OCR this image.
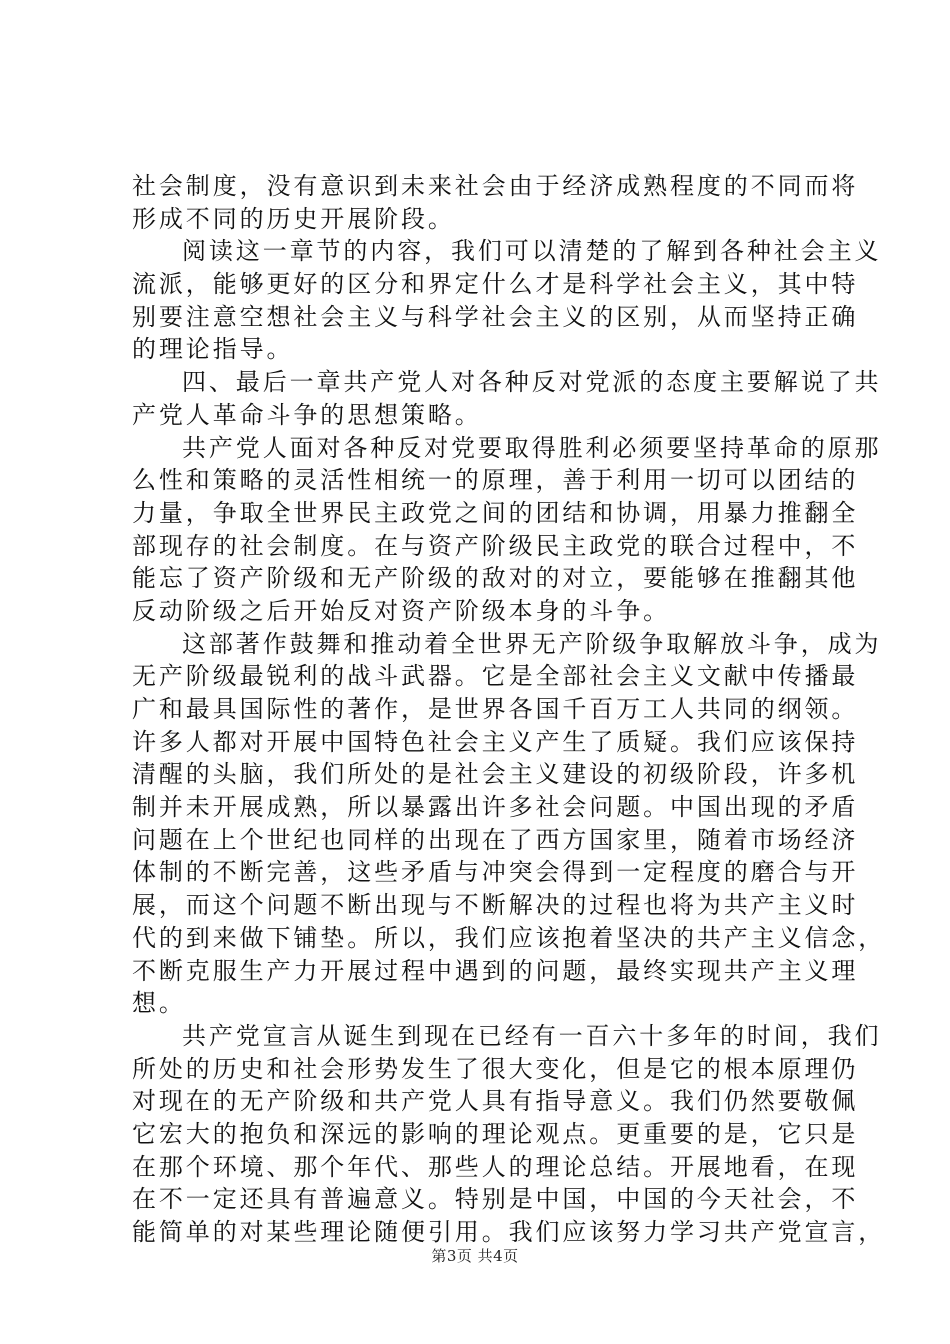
社会制度，没有意识到未来社会由于经济成熟程度的不同而将
形成不同的历史开展阶段。
阅读这一章节的内容，我们可以清楚的了解到各种社会主义
流派，能够更好的区分和界定什么才是科学社会主义，其中特
别要注意空想社会主义与科学社会主义的区别，从而坚持正确
的理论指导。
四、最后一章共产党人对各种反对党派的态度主要解说了共
产党人革命斗争的思想策略。
共产党人面对各种反对党要取得胜利必须要坚持革命的原那
么性和策略的灵活性相统一的原理，善于利用一切可以团结的
力量，争取全世界民主政党之间的团结和协调，用暴力推翻全
部现存的社会制度。在与资产阶级民主政党的联合过程中，不
能忘了资产阶级和无产阶级的敌对的对立，要能够在推翻其他
反动阶级之后开始反对资产阶级本身的斗争。
这部著作鼓舞和推动着全世界无产阶级争取解放斗争，成为
无产阶级最锐利的战斗武器。它是全部社会主义文献中传播最
广和最具国际性的著作，是世界各国千百万工人共同的纲领。
许多人都对开展中国特色社会主义产生了质疑。我们应该保持
清醒的头脑，我们所处的是社会主义建设的初级阶段，许多机
制并未开展成熟，所以暴露出许多社会问题。中国出现的矛盾
问题在上个世纪也同样的出现在了西方国家里，随着市场经济
体制的不断完善，这些矛盾与冲突会得到一定程度的磨合与开
展，而这个问题不断出现与不断解决的过程也将为共产主义时
代的到来做下铺垫。所以，我们应该抱着坚决的共产主义信念，
不断克服生产力开展过程中遇到的问题，最终实现共产主义理
想。
共产党宣言从诞生到现在已经有一百六十多年的时间，我们
所处的历史和社会形势发生了很大变化，但是它的根本原理仍
对现在的无产阶级和共产党人具有指导意义。我们仍然要敬佩
它宏大的抱负和深远的影响的理论观点。更重要的是，它只是
在那个环境、那个年代、那些人的理论总结。开展地看，在现
在不一定还具有普遍意义。特别是中国，中国的今天社会，不
能简单的对某些理论随便引用。我们应该努力学习共产党宣言，
第3页 共4页
